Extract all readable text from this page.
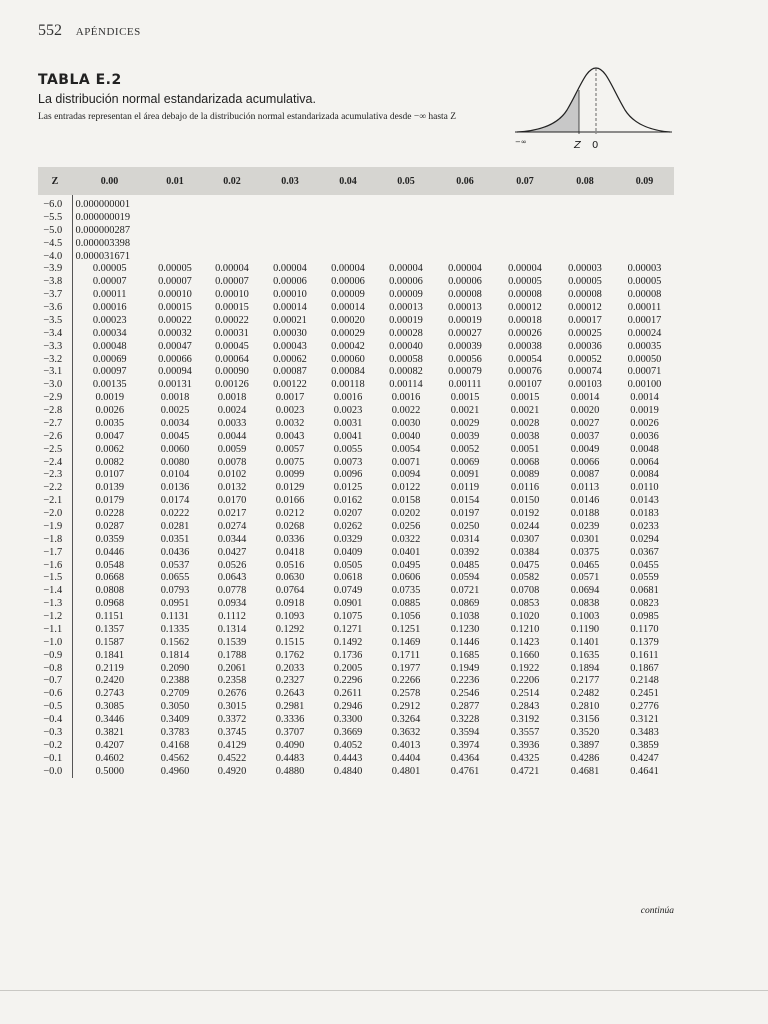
552 APÉNDICES
TABLA E.2
La distribución normal estandarizada acumulativa.
Las entradas representan el área debajo de la distribución normal estandarizada acumulativa desde −∞ hasta Z
−∞	Z 0
Z	0.00	0.01	0.02	0.03	0.04	0.05	0.06	0.07	0.08	0.09
−6.0	0.000000001									
−5.5	0.000000019									
−5.0	0.000000287									
−4.5	0.000003398									
−4.0	0.000031671									
−3.9	0.00005	0.00005	0.00004	0.00004	0.00004	0.00004	0.00004	0.00004	0.00003	0.00003
−3.8	0.00007	0.00007	0.00007	0.00006	0.00006	0.00006	0.00006	0.00005	0.00005	0.00005
−3.7	0.00011	0.00010	0.00010	0.00010	0.00009	0.00009	0.00008	0.00008	0.00008	0.00008
−3.6	0.00016	0.00015	0.00015	0.00014	0.00014	0.00013	0.00013	0.00012	0.00012	0.00011
−3.5	0.00023	0.00022	0.00022	0.00021	0.00020	0.00019	0.00019	0.00018	0.00017	0.00017
−3.4	0.00034	0.00032	0.00031	0.00030	0.00029	0.00028	0.00027	0.00026	0.00025	0.00024
−3.3	0.00048	0.00047	0.00045	0.00043	0.00042	0.00040	0.00039	0.00038	0.00036	0.00035
−3.2	0.00069	0.00066	0.00064	0.00062	0.00060	0.00058	0.00056	0.00054	0.00052	0.00050
−3.1	0.00097	0.00094	0.00090	0.00087	0.00084	0.00082	0.00079	0.00076	0.00074	0.00071
−3.0	0.00135	0.00131	0.00126	0.00122	0.00118	0.00114	0.00111	0.00107	0.00103	0.00100
−2.9	0.0019	0.0018	0.0018	0.0017	0.0016	0.0016	0.0015	0.0015	0.0014	0.0014
−2.8	0.0026	0.0025	0.0024	0.0023	0.0023	0.0022	0.0021	0.0021	0.0020	0.0019
−2.7	0.0035	0.0034	0.0033	0.0032	0.0031	0.0030	0.0029	0.0028	0.0027	0.0026
−2.6	0.0047	0.0045	0.0044	0.0043	0.0041	0.0040	0.0039	0.0038	0.0037	0.0036
−2.5	0.0062	0.0060	0.0059	0.0057	0.0055	0.0054	0.0052	0.0051	0.0049	0.0048
−2.4	0.0082	0.0080	0.0078	0.0075	0.0073	0.0071	0.0069	0.0068	0.0066	0.0064
−2.3	0.0107	0.0104	0.0102	0.0099	0.0096	0.0094	0.0091	0.0089	0.0087	0.0084
−2.2	0.0139	0.0136	0.0132	0.0129	0.0125	0.0122	0.0119	0.0116	0.0113	0.0110
−2.1	0.0179	0.0174	0.0170	0.0166	0.0162	0.0158	0.0154	0.0150	0.0146	0.0143
−2.0	0.0228	0.0222	0.0217	0.0212	0.0207	0.0202	0.0197	0.0192	0.0188	0.0183
−1.9	0.0287	0.0281	0.0274	0.0268	0.0262	0.0256	0.0250	0.0244	0.0239	0.0233
−1.8	0.0359	0.0351	0.0344	0.0336	0.0329	0.0322	0.0314	0.0307	0.0301	0.0294
−1.7	0.0446	0.0436	0.0427	0.0418	0.0409	0.0401	0.0392	0.0384	0.0375	0.0367
−1.6	0.0548	0.0537	0.0526	0.0516	0.0505	0.0495	0.0485	0.0475	0.0465	0.0455
−1.5	0.0668	0.0655	0.0643	0.0630	0.0618	0.0606	0.0594	0.0582	0.0571	0.0559
−1.4	0.0808	0.0793	0.0778	0.0764	0.0749	0.0735	0.0721	0.0708	0.0694	0.0681
−1.3	0.0968	0.0951	0.0934	0.0918	0.0901	0.0885	0.0869	0.0853	0.0838	0.0823
−1.2	0.1151	0.1131	0.1112	0.1093	0.1075	0.1056	0.1038	0.1020	0.1003	0.0985
−1.1	0.1357	0.1335	0.1314	0.1292	0.1271	0.1251	0.1230	0.1210	0.1190	0.1170
−1.0	0.1587	0.1562	0.1539	0.1515	0.1492	0.1469	0.1446	0.1423	0.1401	0.1379
−0.9	0.1841	0.1814	0.1788	0.1762	0.1736	0.1711	0.1685	0.1660	0.1635	0.1611
−0.8	0.2119	0.2090	0.2061	0.2033	0.2005	0.1977	0.1949	0.1922	0.1894	0.1867
−0.7	0.2420	0.2388	0.2358	0.2327	0.2296	0.2266	0.2236	0.2206	0.2177	0.2148
−0.6	0.2743	0.2709	0.2676	0.2643	0.2611	0.2578	0.2546	0.2514	0.2482	0.2451
−0.5	0.3085	0.3050	0.3015	0.2981	0.2946	0.2912	0.2877	0.2843	0.2810	0.2776
−0.4	0.3446	0.3409	0.3372	0.3336	0.3300	0.3264	0.3228	0.3192	0.3156	0.3121
−0.3	0.3821	0.3783	0.3745	0.3707	0.3669	0.3632	0.3594	0.3557	0.3520	0.3483
−0.2	0.4207	0.4168	0.4129	0.4090	0.4052	0.4013	0.3974	0.3936	0.3897	0.3859
−0.1	0.4602	0.4562	0.4522	0.4483	0.4443	0.4404	0.4364	0.4325	0.4286	0.4247
−0.0	0.5000	0.4960	0.4920	0.4880	0.4840	0.4801	0.4761	0.4721	0.4681	0.4641
continúa
